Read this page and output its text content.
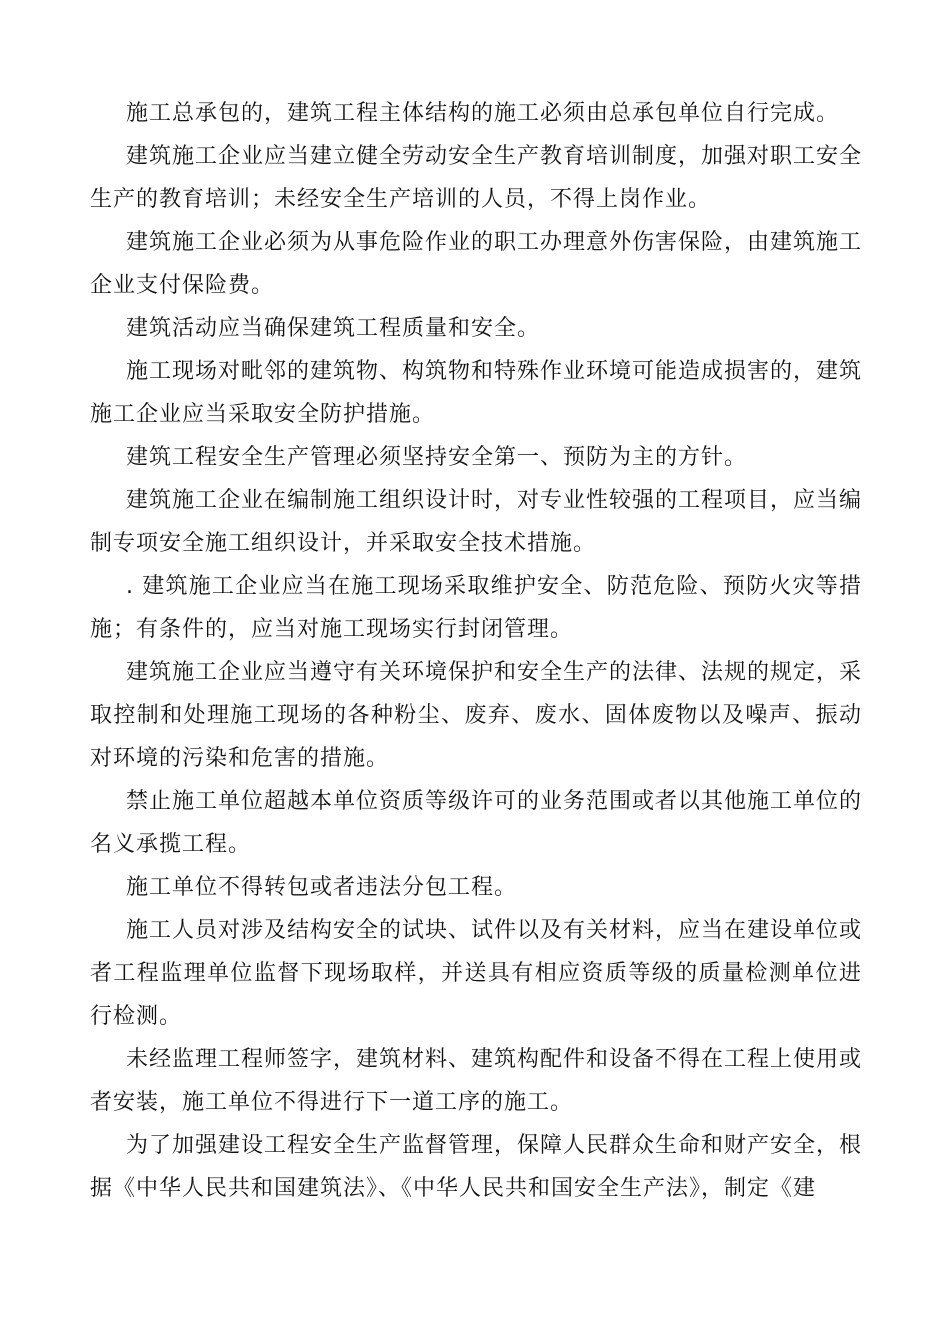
施工总承包的，建筑工程主体结构的施工必须由总承包单位自行完成。

建筑施工企业应当建立健全劳动安全生产教育培训制度，加强对职工安全生产的教育培训；未经安全生产培训的人员，不得上岗作业。

建筑施工企业必须为从事危险作业的职工办理意外伤害保险，由建筑施工企业支付保险费。

建筑活动应当确保建筑工程质量和安全。

施工现场对毗邻的建筑物、构筑物和特殊作业环境可能造成损害的，建筑施工企业应当采取安全防护措施。

建筑工程安全生产管理必须坚持安全第一、预防为主的方针。

建筑施工企业在编制施工组织设计时，对专业性较强的工程项目，应当编制专项安全施工组织设计，并采取安全技术措施。

. 建筑施工企业应当在施工现场采取维护安全、防范危险、预防火灾等措施；有条件的，应当对施工现场实行封闭管理。

建筑施工企业应当遵守有关环境保护和安全生产的法律、法规的规定，采取控制和处理施工现场的各种粉尘、废弃、废水、固体废物以及噪声、振动对环境的污染和危害的措施。

禁止施工单位超越本单位资质等级许可的业务范围或者以其他施工单位的名义承揽工程。

施工单位不得转包或者违法分包工程。

施工人员对涉及结构安全的试块、试件以及有关材料，应当在建设单位或者工程监理单位监督下现场取样，并送具有相应资质等级的质量检测单位进行检测。

未经监理工程师签字，建筑材料、建筑构配件和设备不得在工程上使用或者安装，施工单位不得进行下一道工序的施工。

为了加强建设工程安全生产监督管理，保障人民群众生命和财产安全，根据《中华人民共和国建筑法》、《中华人民共和国安全生产法》，制定《建
